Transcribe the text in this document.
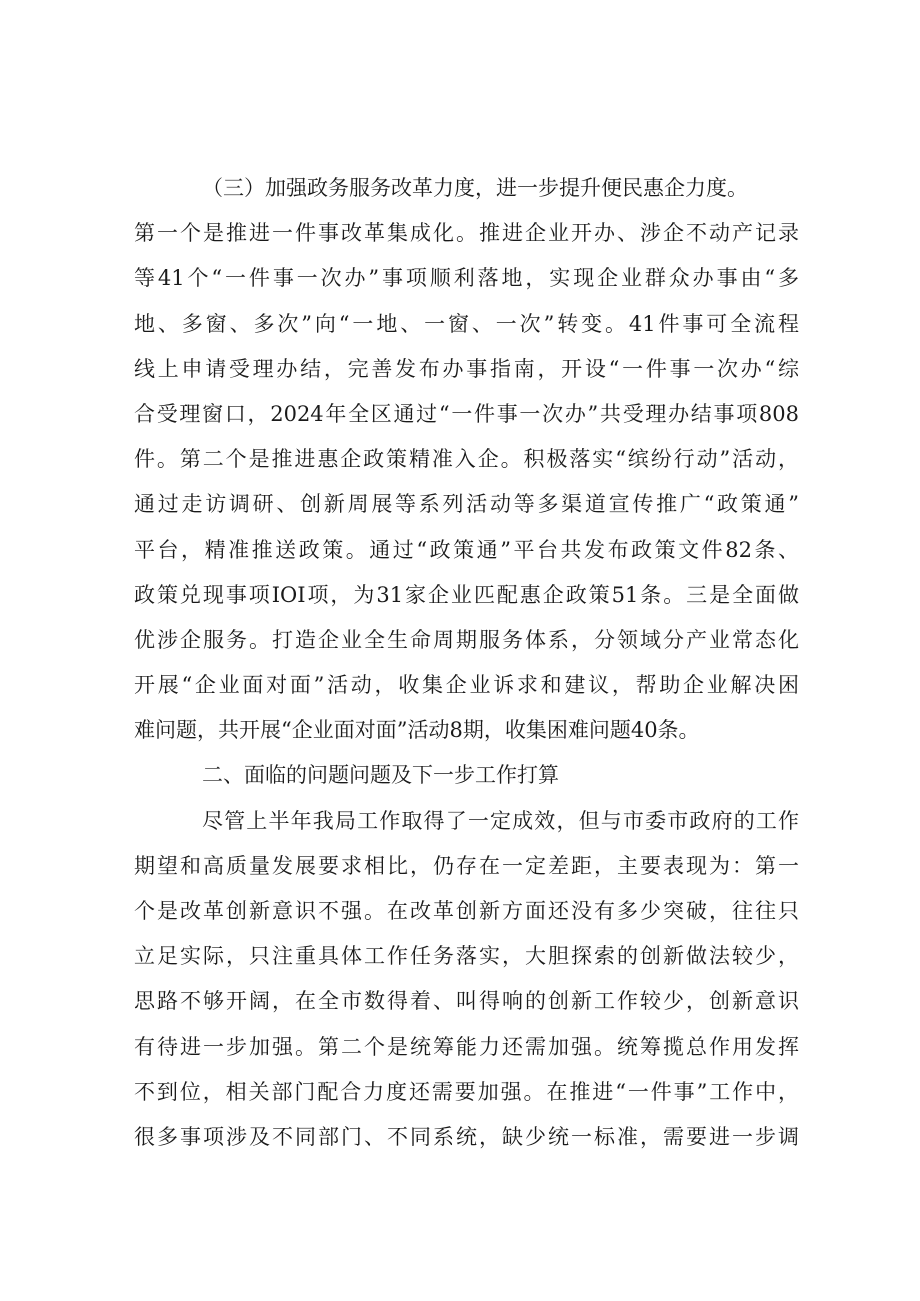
（三）加强政务服务改革力度，进一步提升便民惠企力度。
第一个是推进一件事改革集成化。推进企业开办、涉企不动产记录
等41个“一件事一次办”事项顺利落地，实现企业群众办事由“多
地、多窗、多次”向“一地、一窗、一次”转变。41件事可全流程
线上申请受理办结，完善发布办事指南，开设“一件事一次办“综
合受理窗口，2024年全区通过“一件事一次办”共受理办结事项808
件。第二个是推进惠企政策精准入企。积极落实“缤纷行动”活动，
通过走访调研、创新周展等系列活动等多渠道宣传推广“政策通”
平台，精准推送政策。通过“政策通”平台共发布政策文件82条、
政策兑现事项IOI项，为31家企业匹配惠企政策51条。三是全面做
优涉企服务。打造企业全生命周期服务体系，分领域分产业常态化
开展“企业面对面”活动，收集企业诉求和建议，帮助企业解决困
难问题，共开展“企业面对面”活动8期，收集困难问题40条。
二、面临的问题问题及下一步工作打算
尽管上半年我局工作取得了一定成效，但与市委市政府的工作
期望和高质量发展要求相比，仍存在一定差距，主要表现为：第一
个是改革创新意识不强。在改革创新方面还没有多少突破，往往只
立足实际，只注重具体工作任务落实，大胆探索的创新做法较少，
思路不够开阔，在全市数得着、叫得响的创新工作较少，创新意识
有待进一步加强。第二个是统筹能力还需加强。统筹揽总作用发挥
不到位，相关部门配合力度还需要加强。在推进“一件事”工作中，
很多事项涉及不同部门、不同系统，缺少统一标准，需要进一步调
